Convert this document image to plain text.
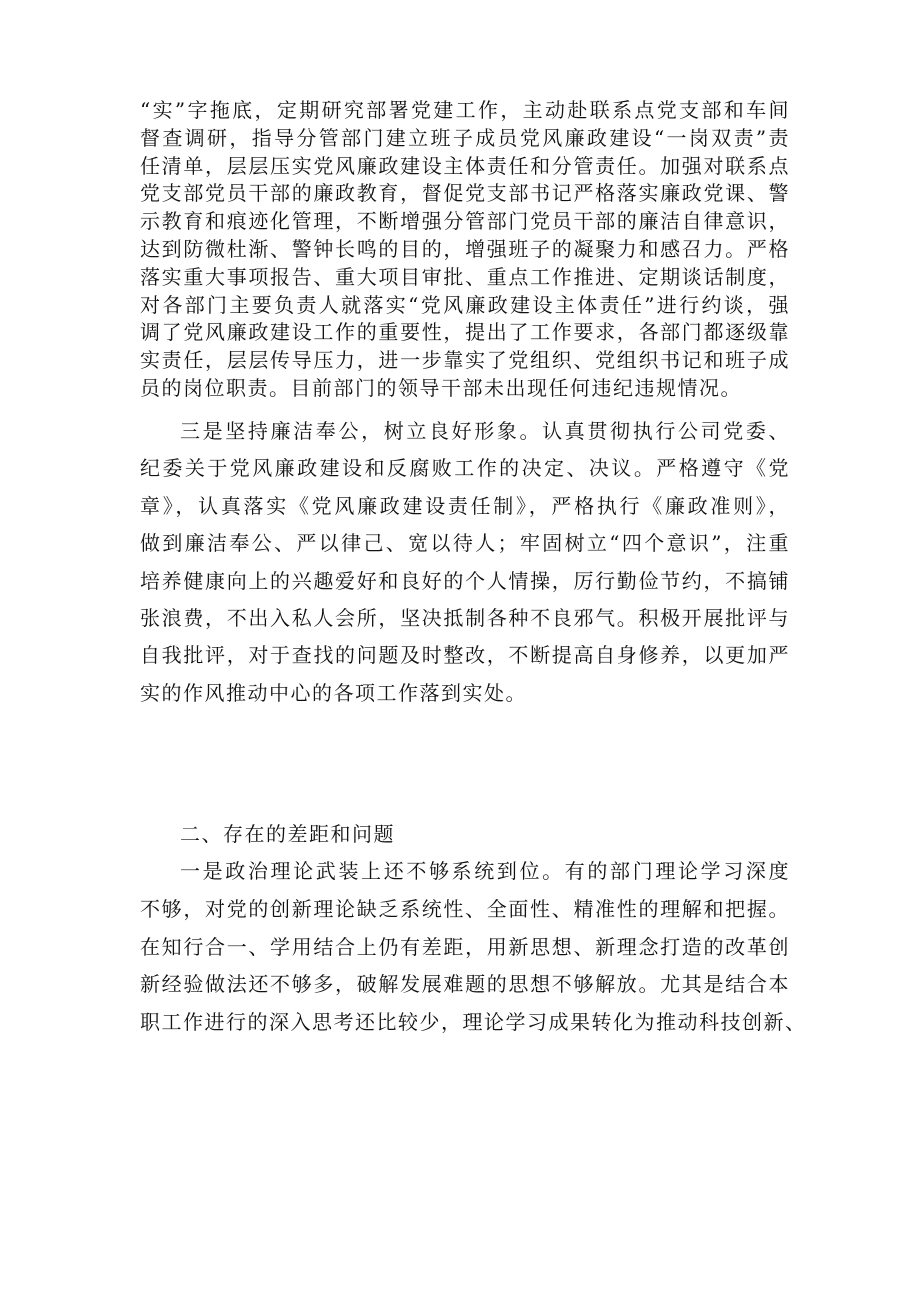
“实”字拖底，定期研究部署党建工作，主动赴联系点党支部和车间
督查调研，指导分管部门建立班子成员党风廉政建设“一岗双责”责
任清单，层层压实党风廉政建设主体责任和分管责任。加强对联系点
党支部党员干部的廉政教育，督促党支部书记严格落实廉政党课、警
示教育和痕迹化管理，不断增强分管部门党员干部的廉洁自律意识，
达到防微杜渐、警钟长鸣的目的，增强班子的凝聚力和感召力。严格
落实重大事项报告、重大项目审批、重点工作推进、定期谈话制度，
对各部门主要负责人就落实“党风廉政建设主体责任”进行约谈，强
调了党风廉政建设工作的重要性，提出了工作要求，各部门都逐级靠
实责任，层层传导压力，进一步靠实了党组织、党组织书记和班子成
员的岗位职责。目前部门的领导干部未出现任何违纪违规情况。
三是坚持廉洁奉公，树立良好形象。认真贯彻执行公司党委、
纪委关于党风廉政建设和反腐败工作的决定、决议。严格遵守《党
章》，认真落实《党风廉政建设责任制》，严格执行《廉政准则》，
做到廉洁奉公、严以律己、宽以待人；牢固树立“四个意识”，注重
培养健康向上的兴趣爱好和良好的个人情操，厉行勤俭节约，不搞铺
张浪费，不出入私人会所，坚决抵制各种不良邪气。积极开展批评与
自我批评，对于查找的问题及时整改，不断提高自身修养，以更加严
实的作风推动中心的各项工作落到实处。
二、存在的差距和问题
一是政治理论武装上还不够系统到位。有的部门理论学习深度
不够，对党的创新理论缺乏系统性、全面性、精准性的理解和把握。
在知行合一、学用结合上仍有差距，用新思想、新理念打造的改革创
新经验做法还不够多，破解发展难题的思想不够解放。尤其是结合本
职工作进行的深入思考还比较少，理论学习成果转化为推动科技创新、
